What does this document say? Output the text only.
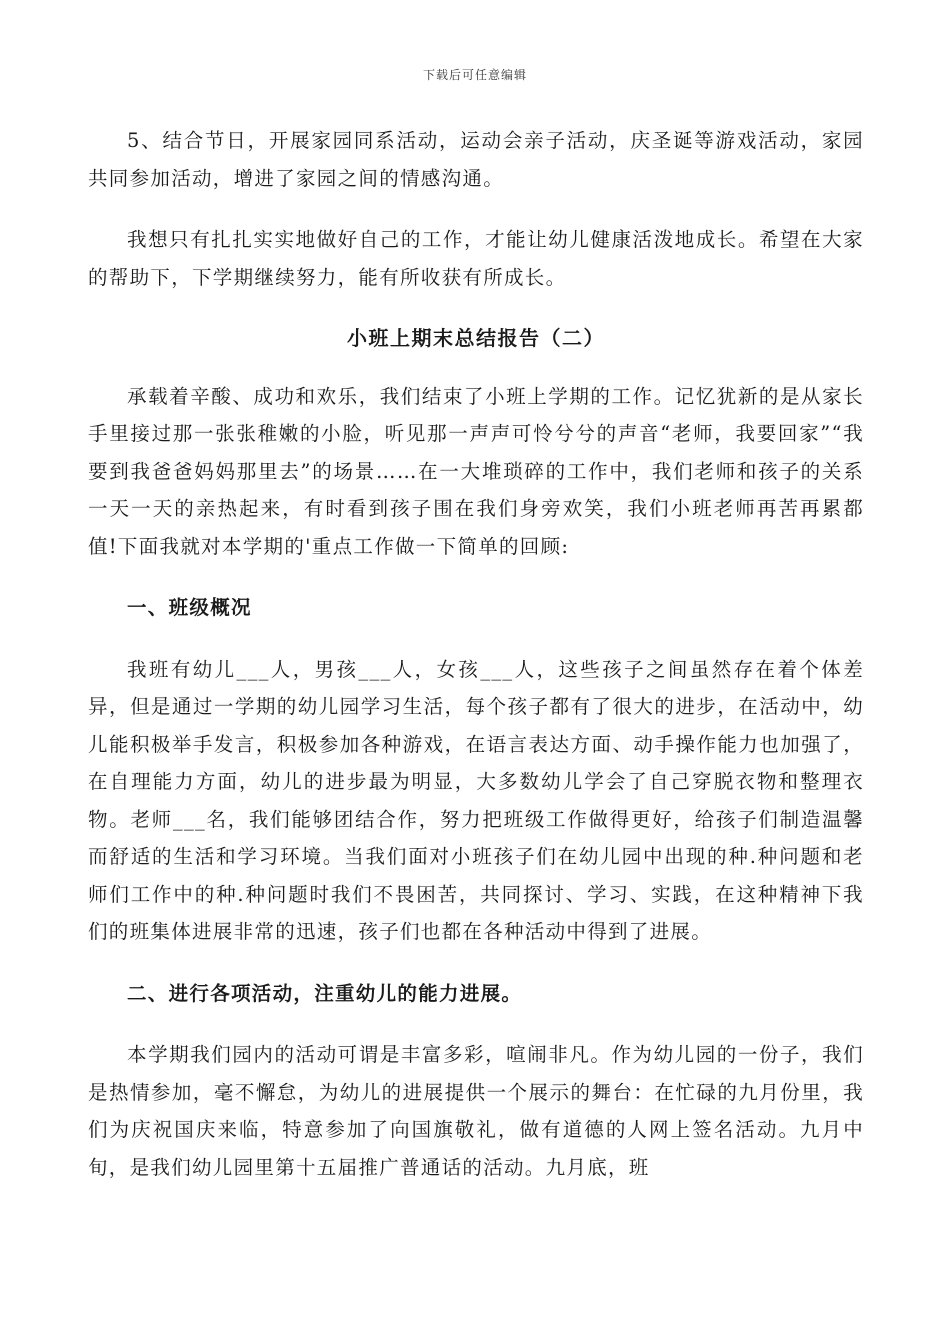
下载后可任意编辑

5、结合节日，开展家园同系活动，运动会亲子活动，庆圣诞等游戏活动，家园共同参加活动，增进了家园之间的情感沟通。

我想只有扎扎实实地做好自己的工作，才能让幼儿健康活泼地成长。希望在大家的帮助下，下学期继续努力，能有所收获有所成长。

小班上期末总结报告（二）

承载着辛酸、成功和欢乐，我们结束了小班上学期的工作。记忆犹新的是从家长手里接过那一张张稚嫩的小脸，听见那一声声可怜兮兮的声音“老师，我要回家”“我要到我爸爸妈妈那里去”的场景……在一大堆琐碎的工作中，我们老师和孩子的关系一天一天的亲热起来，有时看到孩子围在我们身旁欢笑，我们小班老师再苦再累都值!下面我就对本学期的'重点工作做一下简单的回顾:

一、班级概况

我班有幼儿___人，男孩___人，女孩___人，这些孩子之间虽然存在着个体差异，但是通过一学期的幼儿园学习生活，每个孩子都有了很大的进步，在活动中，幼儿能积极举手发言，积极参加各种游戏，在语言表达方面、动手操作能力也加强了，在自理能力方面，幼儿的进步最为明显，大多数幼儿学会了自己穿脱衣物和整理衣物。老师___名，我们能够团结合作，努力把班级工作做得更好，给孩子们制造温馨而舒适的生活和学习环境。当我们面对小班孩子们在幼儿园中出现的种.种问题和老师们工作中的种.种问题时我们不畏困苦，共同探讨、学习、实践，在这种精神下我们的班集体进展非常的迅速，孩子们也都在各种活动中得到了进展。

二、进行各项活动，注重幼儿的能力进展。

本学期我们园内的活动可谓是丰富多彩，喧闹非凡。作为幼儿园的一份子，我们是热情参加，毫不懈怠，为幼儿的进展提供一个展示的舞台：在忙碌的九月份里，我们为庆祝国庆来临，特意参加了向国旗敬礼，做有道德的人网上签名活动。九月中旬，是我们幼儿园里第十五届推广普通话的活动。九月底，班
